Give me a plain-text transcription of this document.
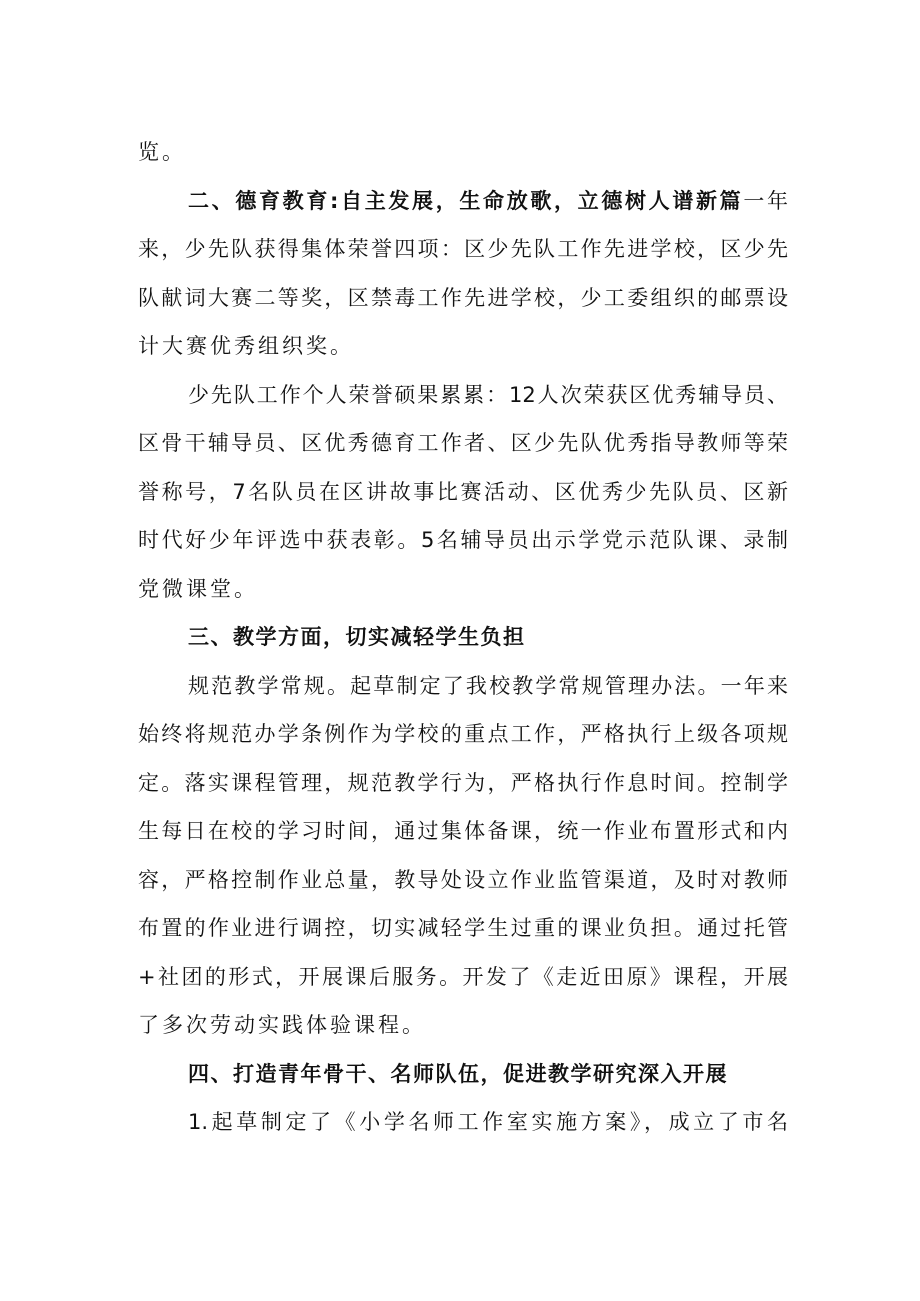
览。
二、德育教育:自主发展，生命放歌，立德树人谱新篇一年
来，少先队获得集体荣誉四项：区少先队工作先进学校，区少先
队献词大赛二等奖，区禁毒工作先进学校，少工委组织的邮票设
计大赛优秀组织奖。
少先队工作个人荣誉硕果累累：12人次荣获区优秀辅导员、
区骨干辅导员、区优秀德育工作者、区少先队优秀指导教师等荣
誉称号，7名队员在区讲故事比赛活动、区优秀少先队员、区新
时代好少年评选中获表彰。5名辅导员出示学党示范队课、录制
党微课堂。
三、教学方面，切实减轻学生负担
规范教学常规。起草制定了我校教学常规管理办法。一年来
始终将规范办学条例作为学校的重点工作，严格执行上级各项规
定。落实课程管理，规范教学行为，严格执行作息时间。控制学
生每日在校的学习时间，通过集体备课，统一作业布置形式和内
容，严格控制作业总量，教导处设立作业监管渠道，及时对教师
布置的作业进行调控，切实减轻学生过重的课业负担。通过托管
+社团的形式，开展课后服务。开发了《走近田原》课程，开展
了多次劳动实践体验课程。
四、打造青年骨干、名师队伍，促进教学研究深入开展
1.起草制定了《小学名师工作室实施方案》，成立了市名
